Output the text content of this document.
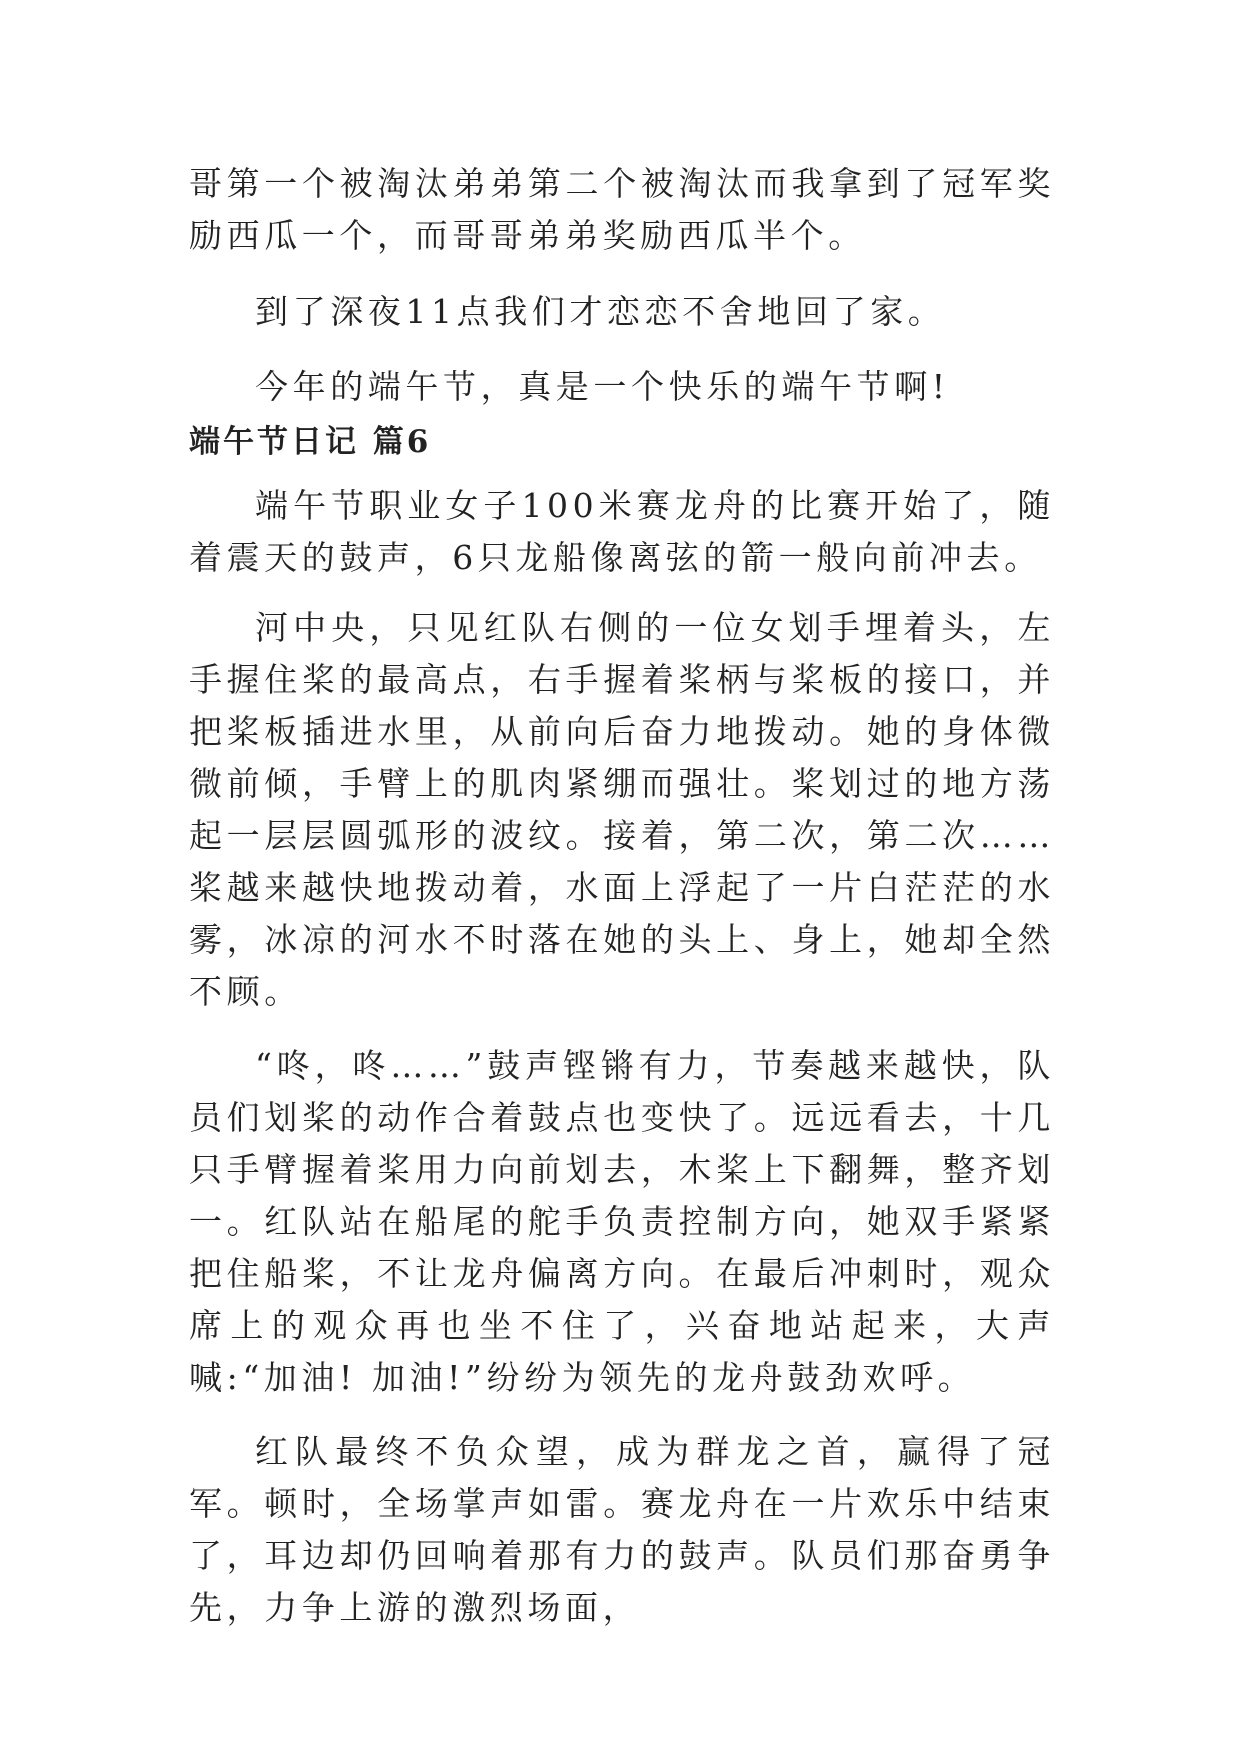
哥第一个被淘汰弟弟第二个被淘汰而我拿到了冠军奖励西瓜一个，而哥哥弟弟奖励西瓜半个。

到了深夜11点我们才恋恋不舍地回了家。

今年的端午节，真是一个快乐的端午节啊!

端午节日记 篇6

端午节职业女子100米赛龙舟的比赛开始了，随着震天的鼓声，6只龙船像离弦的箭一般向前冲去。

河中央，只见红队右侧的一位女划手埋着头，左手握住桨的最高点，右手握着桨柄与桨板的接口，并把桨板插进水里，从前向后奋力地拨动。她的身体微微前倾，手臂上的肌肉紧绷而强壮。桨划过的地方荡起一层层圆弧形的波纹。接着，第二次，第二次……桨越来越快地拨动着，水面上浮起了一片白茫茫的水雾，冰凉的河水不时落在她的头上、身上，她却全然不顾。

“咚，咚……”鼓声铿锵有力，节奏越来越快，队员们划桨的动作合着鼓点也变快了。远远看去，十几只手臂握着桨用力向前划去，木桨上下翻舞，整齐划一。红队站在船尾的舵手负责控制方向，她双手紧紧把住船桨，不让龙舟偏离方向。在最后冲刺时，观众席上的观众再也坐不住了，兴奋地站起来，大声喊:“加油! 加油!”纷纷为领先的龙舟鼓劲欢呼。

红队最终不负众望，成为群龙之首，赢得了冠军。顿时，全场掌声如雷。赛龙舟在一片欢乐中结束了，耳边却仍回响着那有力的鼓声。队员们那奋勇争先，力争上游的激烈场面，
